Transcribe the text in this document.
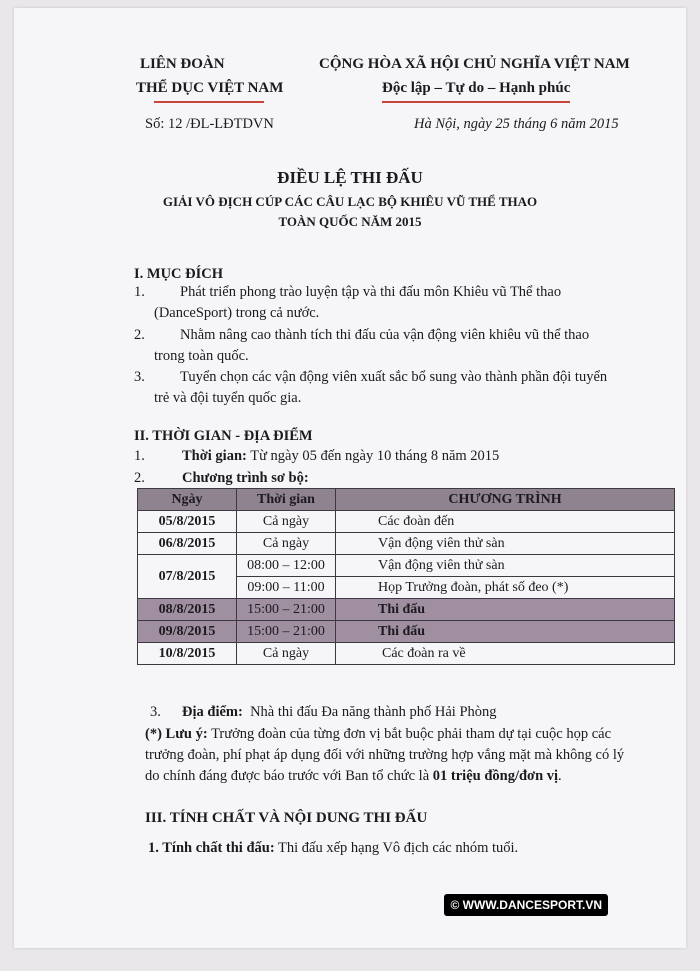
LIÊN ĐOÀN
THỂ DỤC VIỆT NAM
CỘNG HÒA XÃ HỘI CHỦ NGHĨA VIỆT NAM
Độc lập – Tự do – Hạnh phúc
Số: 12 /ĐL-LĐTDVN	Hà Nội, ngày 25 tháng 6 năm 2015
ĐIỀU LỆ THI ĐẤU
GIẢI VÔ ĐỊCH CÚP CÁC CÂU LẠC BỘ KHIÊU VŨ THỂ THAO
TOÀN QUỐC NĂM 2015
I. MỤC ĐÍCH
1.	Phát triển phong trào luyện tập và thi đấu môn Khiêu vũ Thể thao
(DanceSport) trong cả nước.
2.	Nhằm nâng cao thành tích thi đấu của vận động viên khiêu vũ thể thao
trong toàn quốc.
3.	Tuyển chọn các vận động viên xuất sắc bổ sung vào thành phần đội tuyển
trẻ và đội tuyển quốc gia.
II. THỜI GIAN - ĐỊA ĐIỂM
1.	Thời gian: Từ ngày 05 đến ngày 10 tháng 8 năm 2015
2.	Chương trình sơ bộ:
Ngày	Thời gian	CHƯƠNG TRÌNH
05/8/2015	Cả ngày	Các đoàn đến
06/8/2015	Cả ngày	Vận động viên thử sàn
07/8/2015	08:00 – 12:00	Vận động viên thử sàn
	09:00 – 11:00	Họp Trưởng đoàn, phát số đeo (*)
08/8/2015	15:00 – 21:00	Thi đấu
09/8/2015	15:00 – 21:00	Thi đấu
10/8/2015	Cả ngày	Các đoàn ra về
3. Địa điểm: Nhà thi đấu Đa năng thành phố Hải Phòng
(*) Lưu ý: Trưởng đoàn của từng đơn vị bắt buộc phải tham dự tại cuộc họp các
trưởng đoàn, phí phạt áp dụng đối với những trường hợp vắng mặt mà không có lý
do chính đáng được báo trước với Ban tổ chức là 01 triệu đồng/đơn vị.
III. TÍNH CHẤT VÀ NỘI DUNG THI ĐẤU
1. Tính chất thi đấu: Thi đấu xếp hạng Vô địch các nhóm tuổi.
© WWW.DANCESPORT.VN
